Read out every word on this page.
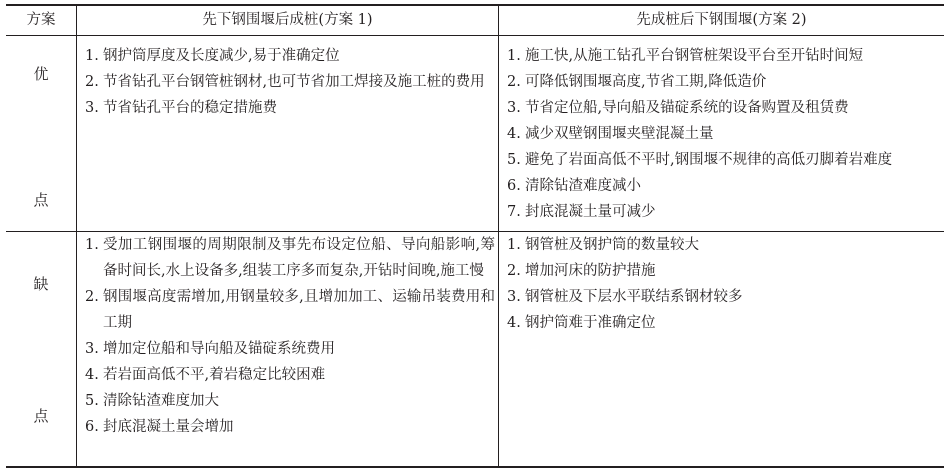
方案	先下钢围堰后成桩(方案 1)	先成桩后下钢围堰(方案 2)
优
点
1. 钢护筒厚度及长度减少,易于准确定位
2. 节省钻孔平台钢管桩钢材,也可节省加工焊接及施工桩的费用
3. 节省钻孔平台的稳定措施费
1. 施工快,从施工钻孔平台钢管桩架设平台至开钻时间短
2. 可降低钢围堰高度,节省工期,降低造价
3. 节省定位船,导向船及锚碇系统的设备购置及租赁费
4. 减少双壁钢围堰夹壁混凝土量
5. 避免了岩面高低不平时,钢围堰不规律的高低刃脚着岩难度
6. 清除钻渣难度减小
7. 封底混凝土量可减少
缺
点
1. 受加工钢围堰的周期限制及事先布设定位船、导向船影响,筹备时间长,水上设备多,组装工序多而复杂,开钻时间晚,施工慢
2. 钢围堰高度需增加,用钢量较多,且增加加工、运输吊装费用和工期
3. 增加定位船和导向船及锚碇系统费用
4. 若岩面高低不平,着岩稳定比较困难
5. 清除钻渣难度加大
6. 封底混凝土量会增加
1. 钢管桩及钢护筒的数量较大
2. 增加河床的防护措施
3. 钢管桩及下层水平联结系钢材较多
4. 钢护筒难于准确定位
